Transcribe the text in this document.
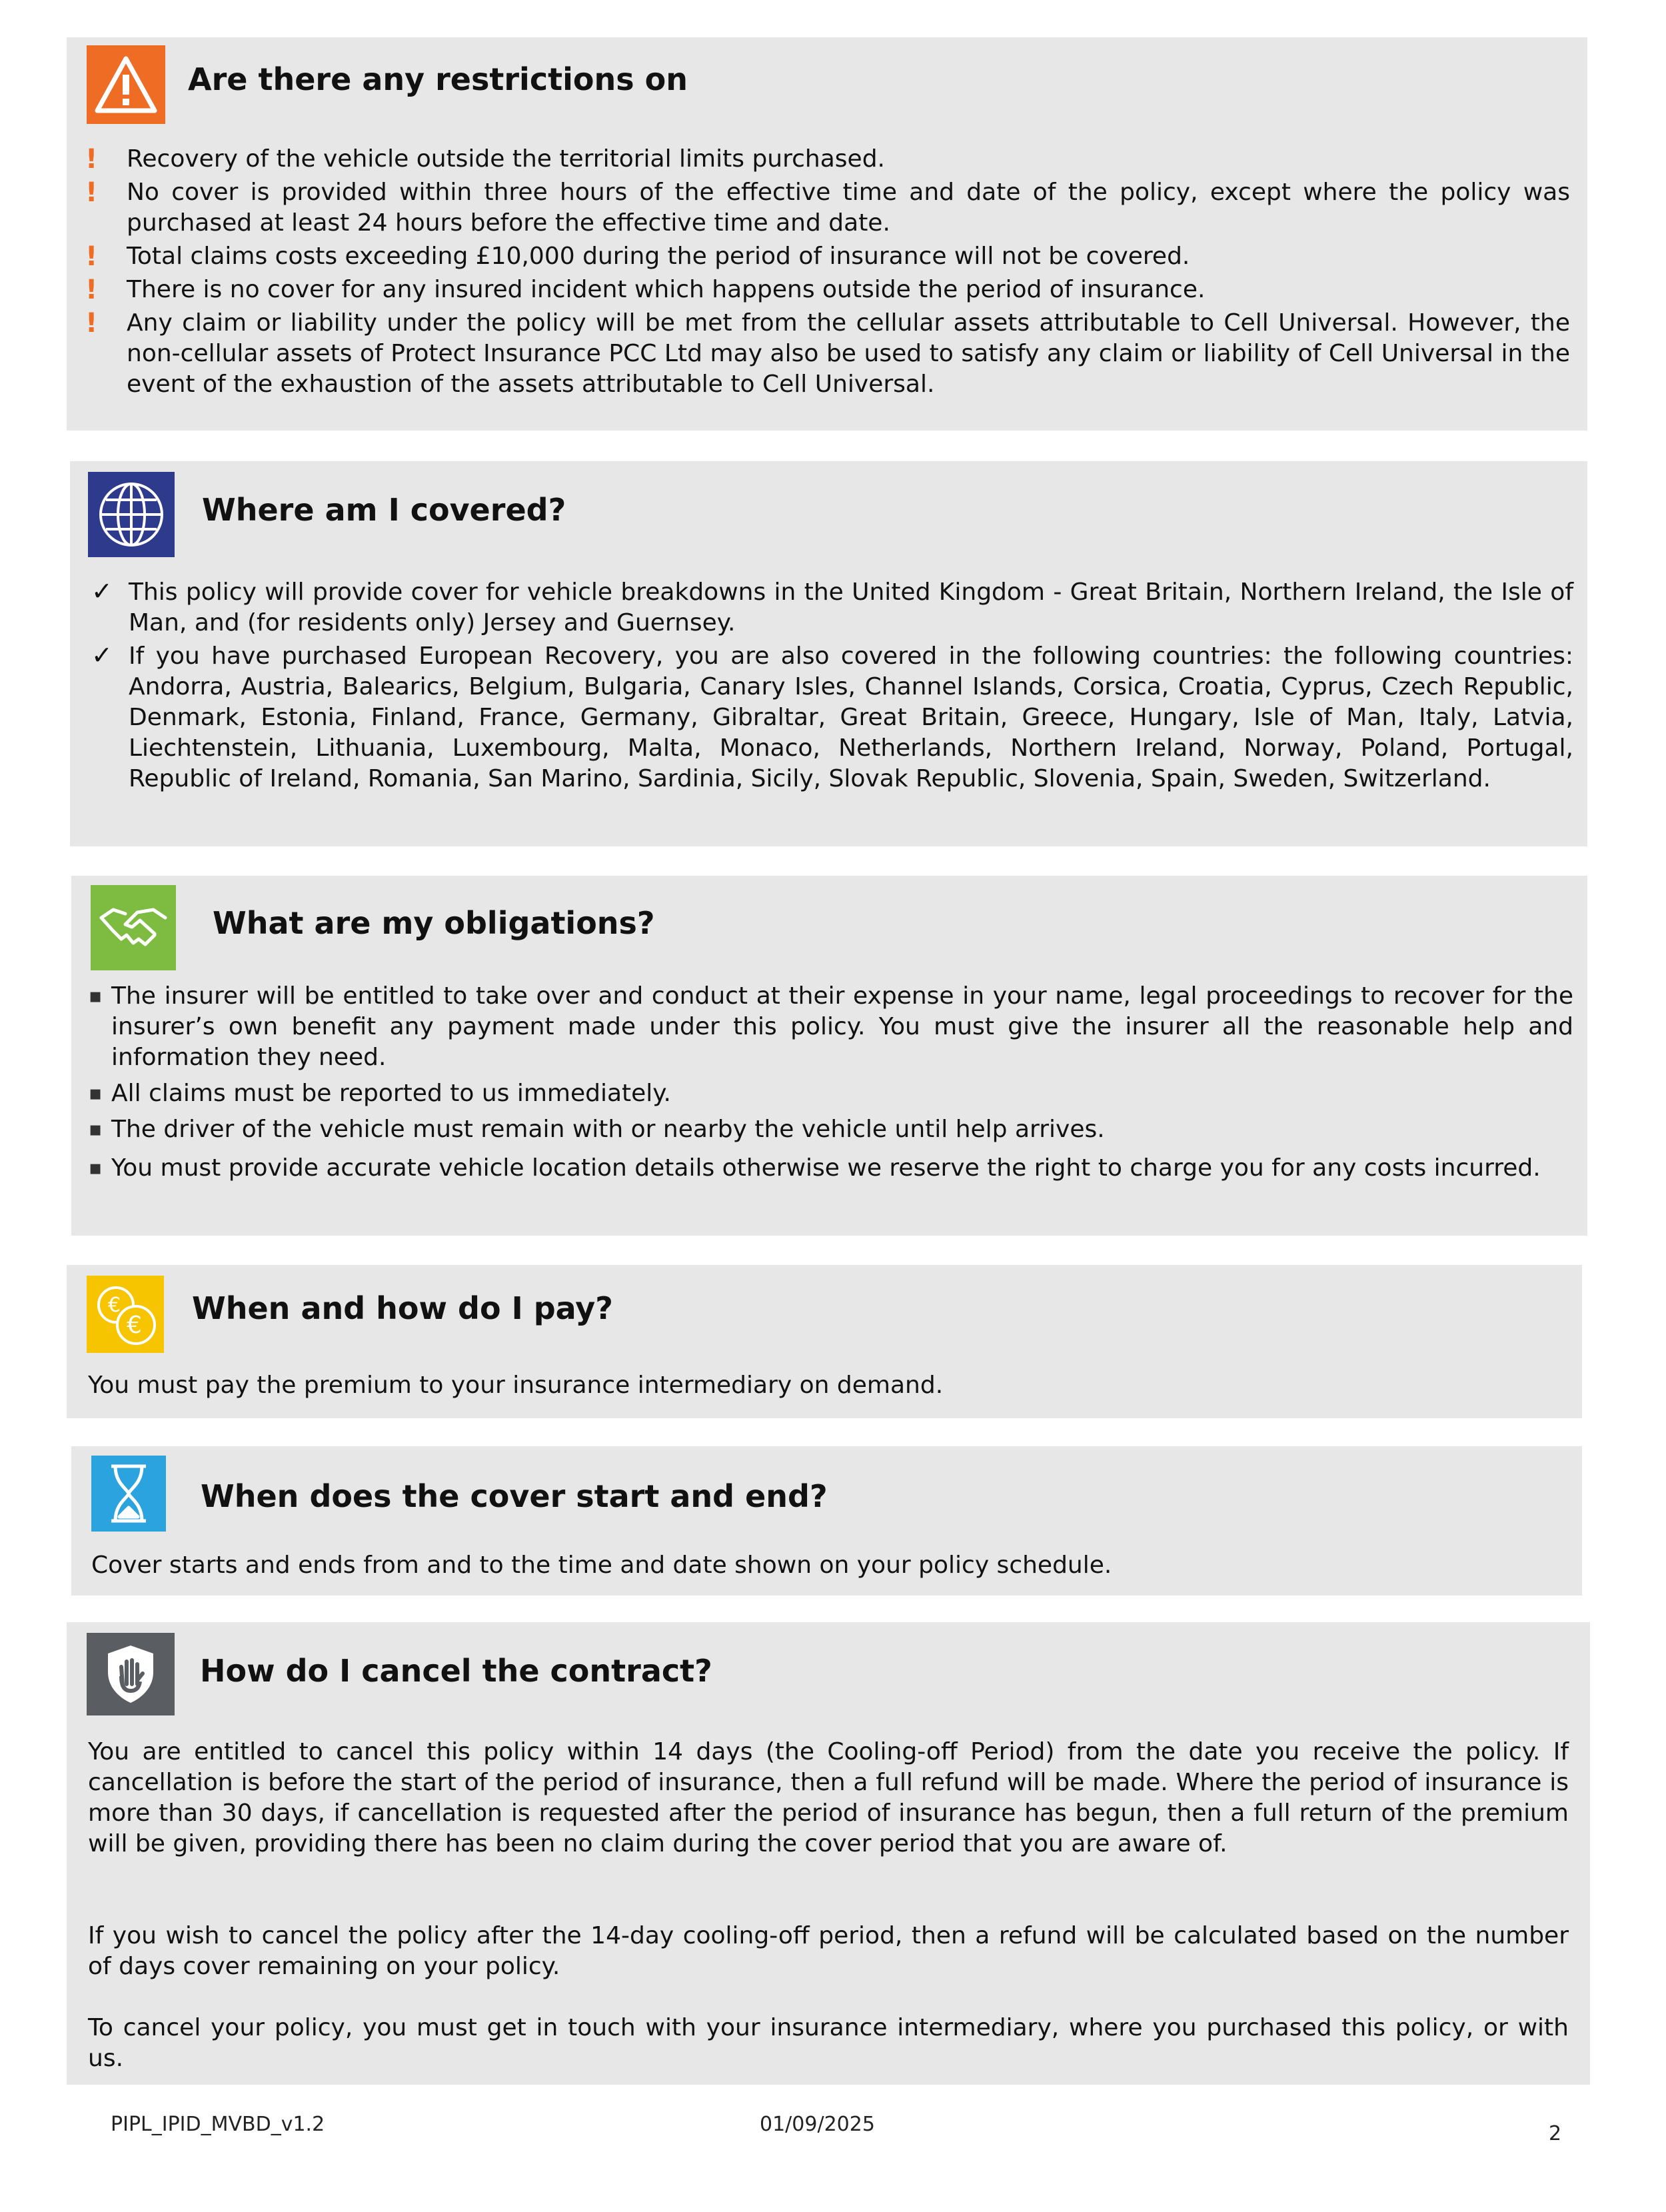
Are there any restrictions on
! Recovery of the vehicle outside the territorial limits purchased.
! No cover is provided within three hours of the effective time and date of the policy, except where the policy was purchased at least 24 hours before the effective time and date.
! Total claims costs exceeding £10,000 during the period of insurance will not be covered.
! There is no cover for any insured incident which happens outside the period of insurance.
! Any claim or liability under the policy will be met from the cellular assets attributable to Cell Universal. However, the non-cellular assets of Protect Insurance PCC Ltd may also be used to satisfy any claim or liability of Cell Universal in the event of the exhaustion of the assets attributable to Cell Universal.
Where am I covered?
✓ This policy will provide cover for vehicle breakdowns in the United Kingdom - Great Britain, Northern Ireland, the Isle of Man, and (for residents only) Jersey and Guernsey.
✓ If you have purchased European Recovery, you are also covered in the following countries: the following countries: Andorra, Austria, Balearics, Belgium, Bulgaria, Canary Isles, Channel Islands, Corsica, Croatia, Cyprus, Czech Republic, Denmark, Estonia, Finland, France, Germany, Gibraltar, Great Britain, Greece, Hungary, Isle of Man, Italy, Latvia, Liechtenstein, Lithuania, Luxembourg, Malta, Monaco, Netherlands, Northern Ireland, Norway, Poland, Portugal, Republic of Ireland, Romania, San Marino, Sardinia, Sicily, Slovak Republic, Slovenia, Spain, Sweden, Switzerland.
What are my obligations?
▪ The insurer will be entitled to take over and conduct at their expense in your name, legal proceedings to recover for the insurer’s own benefit any payment made under this policy. You must give the insurer all the reasonable help and information they need.
▪ All claims must be reported to us immediately.
▪ The driver of the vehicle must remain with or nearby the vehicle until help arrives.
▪ You must provide accurate vehicle location details otherwise we reserve the right to charge you for any costs incurred.
€
€ When and how do I pay?

You must pay the premium to your insurance intermediary on demand.

When does the cover start and end?

Cover starts and ends from and to the time and date shown on your policy schedule.

How do I cancel the contract?

You are entitled to cancel this policy within 14 days (the Cooling-off Period) from the date you receive the policy. If cancellation is before the start of the period of insurance, then a full refund will be made. Where the period of insurance is more than 30 days, if cancellation is requested after the period of insurance has begun, then a full return of the premium will be given, providing there has been no claim during the cover period that you are aware of.

If you wish to cancel the policy after the 14-day cooling-off period, then a refund will be calculated based on the number of days cover remaining on your policy.

To cancel your policy, you must get in touch with your insurance intermediary, where you purchased this policy, or with us.

PIPL_IPID_MVBD_v1.2	01/09/2025	2
